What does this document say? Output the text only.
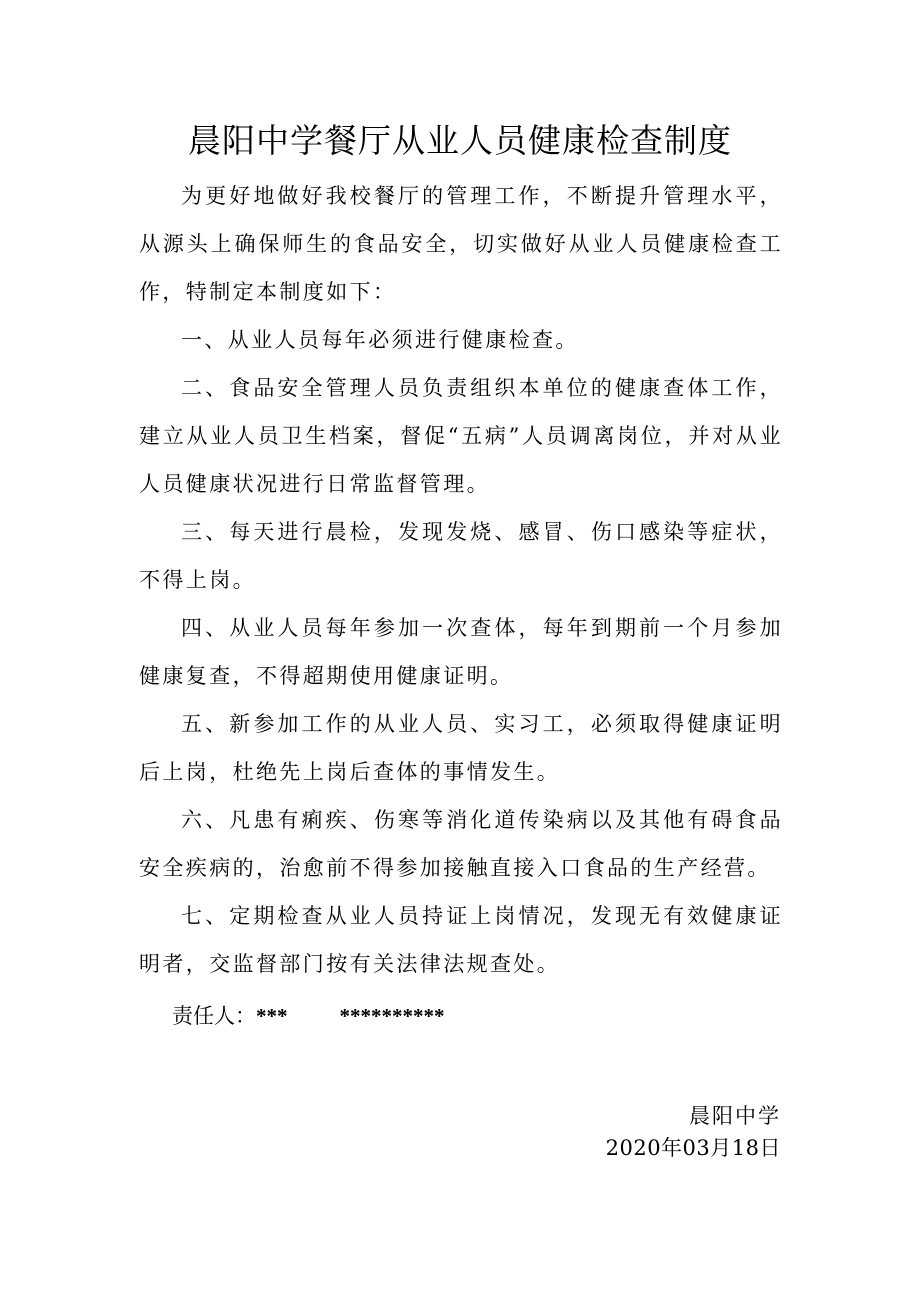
晨阳中学餐厅从业人员健康检查制度

为更好地做好我校餐厅的管理工作，不断提升管理水平，从源头上确保师生的食品安全，切实做好从业人员健康检查工作，特制定本制度如下：

一、从业人员每年必须进行健康检查。

二、食品安全管理人员负责组织本单位的健康查体工作，建立从业人员卫生档案，督促“五病”人员调离岗位，并对从业人员健康状况进行日常监督管理。

三、每天进行晨检，发现发烧、感冒、伤口感染等症状，不得上岗。

四、从业人员每年参加一次查体，每年到期前一个月参加健康复查，不得超期使用健康证明。

五、新参加工作的从业人员、实习工，必须取得健康证明后上岗，杜绝先上岗后查体的事情发生。

六、凡患有痢疾、伤寒等消化道传染病以及其他有碍食品安全疾病的，治愈前不得参加接触直接入口食品的生产经营。

七、定期检查从业人员持证上岗情况，发现无有效健康证明者，交监督部门按有关法律法规查处。

责任人：*** **********
晨阳中学
2020年03月18日
